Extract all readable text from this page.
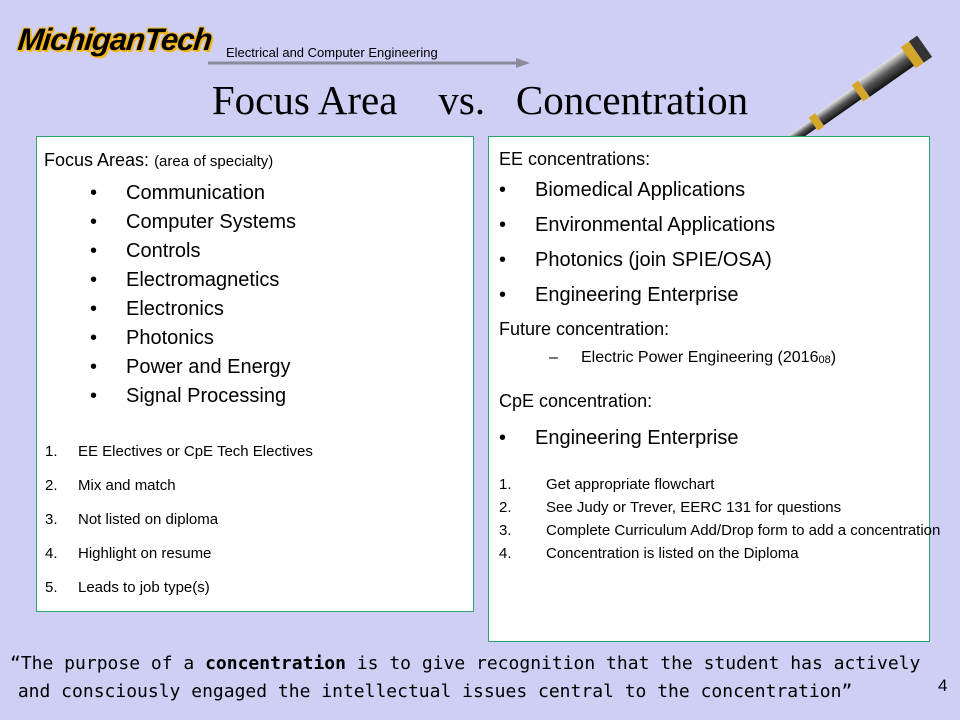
MichiganTech Electrical and Computer Engineering
Focus Area    vs.   Concentration
Focus Areas: (area of specialty)
• Communication
• Computer Systems
• Controls
• Electromagnetics
• Electronics
• Photonics
• Power and Energy
• Signal Processing
1. EE Electives or CpE Tech Electives
2. Mix and match
3. Not listed on diploma
4. Highlight on resume
5. Leads to job type(s)
EE concentrations:
• Biomedical Applications
• Environmental Applications
• Photonics (join SPIE/OSA)
• Engineering Enterprise
Future concentration:
– Electric Power Engineering $(2016_{08})$
CpE concentration:
• Engineering Enterprise
1. Get appropriate flowchart
2. See Judy or Trever, EERC 131 for questions
3. Complete Curriculum Add/Drop form to add a concentration
4. Concentration is listed on the Diploma
“The purpose of a concentration is to give recognition that the student has actively
and consciously engaged the intellectual issues central to the concentration”	4
